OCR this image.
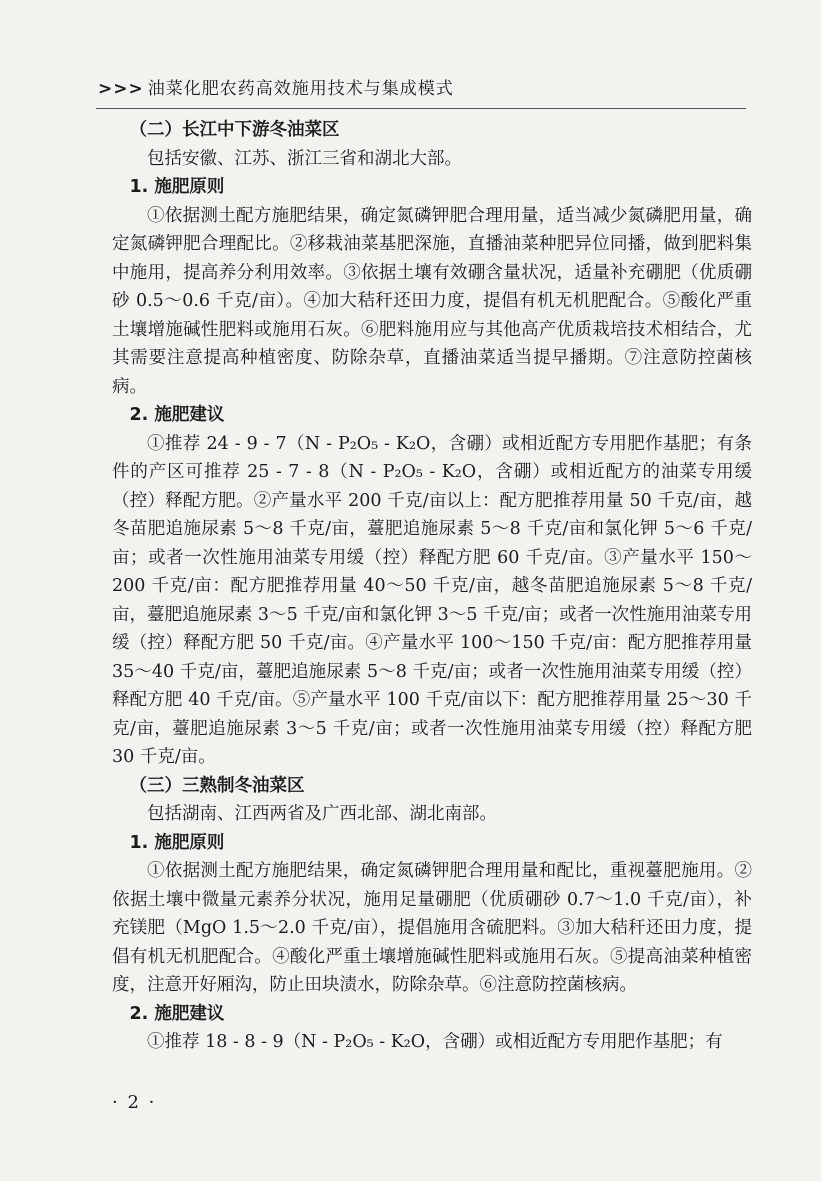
>>> 油菜化肥农药高效施用技术与集成模式
（二）长江中下游冬油菜区

包括安徽、江苏、浙江三省和湖北大部。

1. 施肥原则

①依据测土配方施肥结果，确定氮磷钾肥合理用量，适当减少氮磷肥用量，确定氮磷钾肥合理配比。②移栽油菜基肥深施，直播油菜种肥异位同播，做到肥料集中施用，提高养分利用效率。③依据土壤有效硼含量状况，适量补充硼肥（优质硼砂 0.5～0.6 千克/亩）。④加大秸秆还田力度，提倡有机无机肥配合。⑤酸化严重土壤增施碱性肥料或施用石灰。⑥肥料施用应与其他高产优质栽培技术相结合，尤其需要注意提高种植密度、防除杂草，直播油菜适当提早播期。⑦注意防控菌核病。

2. 施肥建议

①推荐 24 - 9 - 7（N - P₂O₅ - K₂O，含硼）或相近配方专用肥作基肥；有条件的产区可推荐 25 - 7 - 8（N - P₂O₅ - K₂O，含硼）或相近配方的油菜专用缓（控）释配方肥。②产量水平 200 千克/亩以上：配方肥推荐用量 50 千克/亩，越冬苗肥追施尿素 5～8 千克/亩，薹肥追施尿素 5～8 千克/亩和氯化钾 5～6 千克/亩；或者一次性施用油菜专用缓（控）释配方肥 60 千克/亩。③产量水平 150～200 千克/亩：配方肥推荐用量 40～50 千克/亩，越冬苗肥追施尿素 5～8 千克/亩，薹肥追施尿素 3～5 千克/亩和氯化钾 3～5 千克/亩；或者一次性施用油菜专用缓（控）释配方肥 50 千克/亩。④产量水平 100～150 千克/亩：配方肥推荐用量 35～40 千克/亩，薹肥追施尿素 5～8 千克/亩；或者一次性施用油菜专用缓（控）释配方肥 40 千克/亩。⑤产量水平 100 千克/亩以下：配方肥推荐用量 25～30 千克/亩，薹肥追施尿素 3～5 千克/亩；或者一次性施用油菜专用缓（控）释配方肥 30 千克/亩。

（三）三熟制冬油菜区

包括湖南、江西两省及广西北部、湖北南部。

1. 施肥原则

①依据测土配方施肥结果，确定氮磷钾肥合理用量和配比，重视薹肥施用。②依据土壤中微量元素养分状况，施用足量硼肥（优质硼砂 0.7～1.0 千克/亩），补充镁肥（MgO 1.5～2.0 千克/亩），提倡施用含硫肥料。③加大秸秆还田力度，提倡有机无机肥配合。④酸化严重土壤增施碱性肥料或施用石灰。⑤提高油菜种植密度，注意开好厢沟，防止田块渍水，防除杂草。⑥注意防控菌核病。

2. 施肥建议

①推荐 18 - 8 - 9（N - P₂O₅ - K₂O，含硼）或相近配方专用肥作基肥；有

· 2 ·
